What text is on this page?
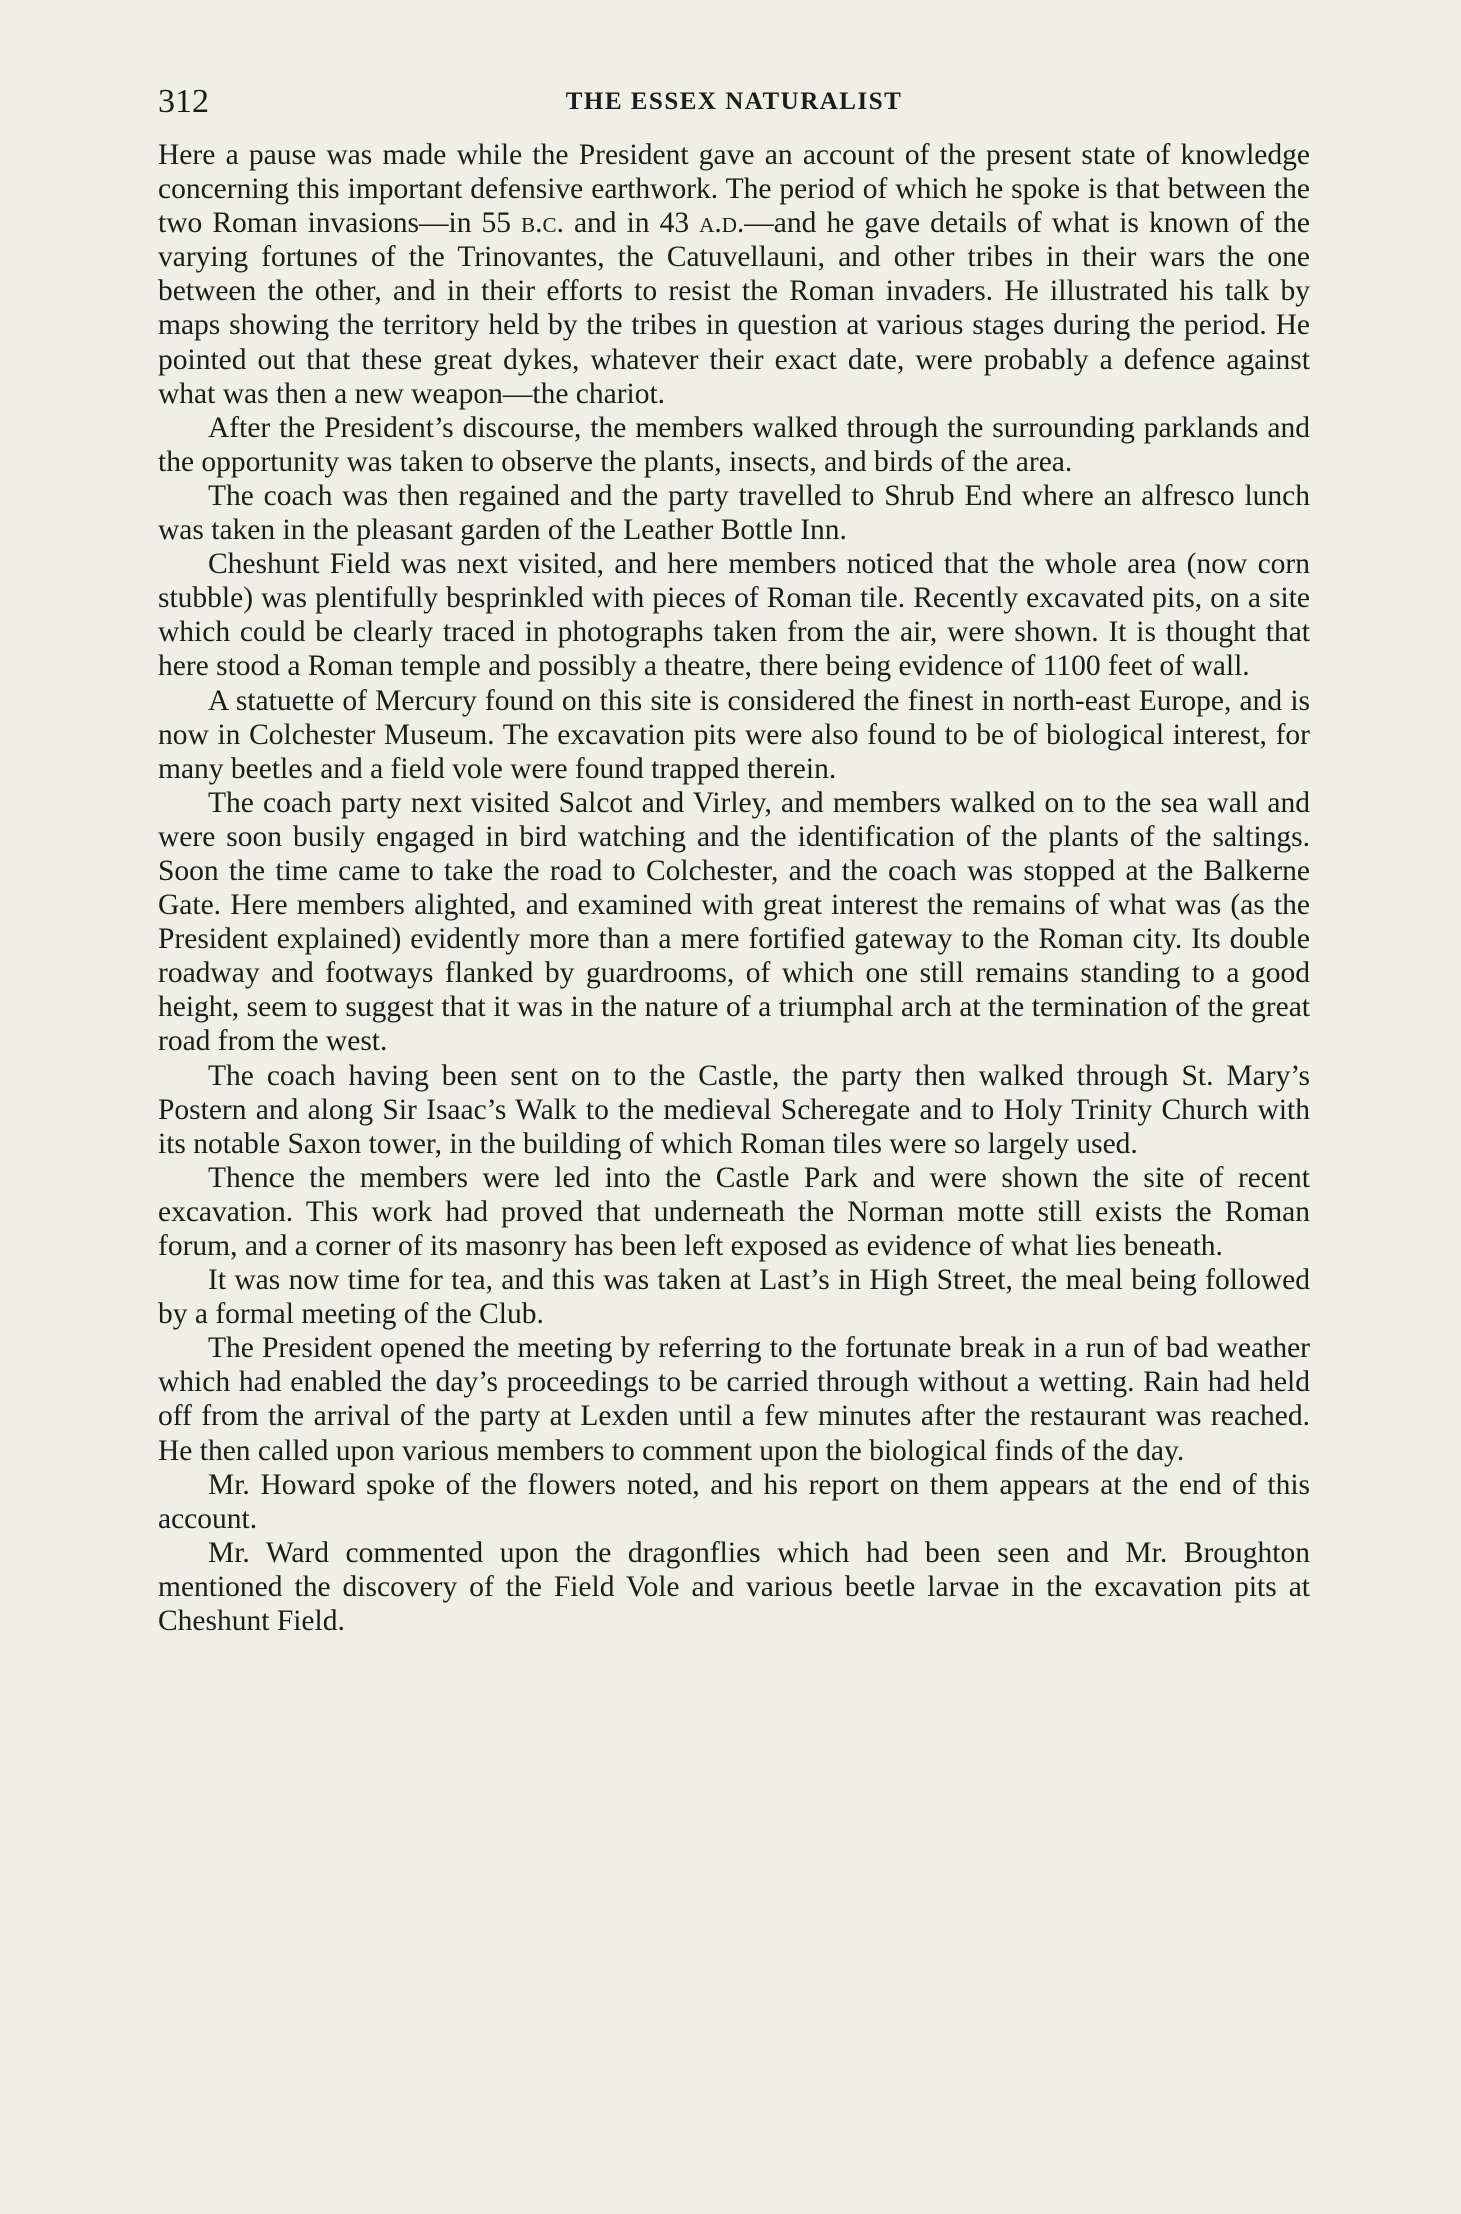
312	THE ESSEX NATURALIST

Here a pause was made while the President gave an account of the present state of knowledge concerning this important defensive earthwork. The period of which he spoke is that between the two Roman invasions—in 55 b.c. and in 43 a.d.—and he gave details of what is known of the varying fortunes of the Trinovantes, the Catuvellauni, and other tribes in their wars the one between the other, and in their efforts to resist the Roman invaders. He illustrated his talk by maps showing the territory held by the tribes in question at various stages during the period. He pointed out that these great dykes, whatever their exact date, were probably a defence against what was then a new weapon—the chariot.

After the President’s discourse, the members walked through the surrounding parklands and the opportunity was taken to observe the plants, insects, and birds of the area.

The coach was then regained and the party travelled to Shrub End where an alfresco lunch was taken in the pleasant garden of the Leather Bottle Inn.

Cheshunt Field was next visited, and here members noticed that the whole area (now corn stubble) was plentifully besprinkled with pieces of Roman tile. Recently excavated pits, on a site which could be clearly traced in photographs taken from the air, were shown. It is thought that here stood a Roman temple and possibly a theatre, there being evidence of 1100 feet of wall.

A statuette of Mercury found on this site is considered the finest in north-east Europe, and is now in Colchester Museum. The excavation pits were also found to be of biological interest, for many beetles and a field vole were found trapped therein.

The coach party next visited Salcot and Virley, and members walked on to the sea wall and were soon busily engaged in bird watching and the identification of the plants of the saltings. Soon the time came to take the road to Colchester, and the coach was stopped at the Balkerne Gate. Here members alighted, and examined with great interest the remains of what was (as the President explained) evidently more than a mere fortified gateway to the Roman city. Its double roadway and footways flanked by guardrooms, of which one still remains standing to a good height, seem to suggest that it was in the nature of a triumphal arch at the termination of the great road from the west.

The coach having been sent on to the Castle, the party then walked through St. Mary’s Postern and along Sir Isaac’s Walk to the medieval Scheregate and to Holy Trinity Church with its notable Saxon tower, in the building of which Roman tiles were so largely used.

Thence the members were led into the Castle Park and were shown the site of recent excavation. This work had proved that underneath the Norman motte still exists the Roman forum, and a corner of its masonry has been left exposed as evidence of what lies beneath.

It was now time for tea, and this was taken at Last’s in High Street, the meal being followed by a formal meeting of the Club.

The President opened the meeting by referring to the fortunate break in a run of bad weather which had enabled the day’s proceedings to be carried through without a wetting. Rain had held off from the arrival of the party at Lexden until a few minutes after the restaurant was reached. He then called upon various members to comment upon the biological finds of the day.

Mr. Howard spoke of the flowers noted, and his report on them appears at the end of this account.

Mr. Ward commented upon the dragonflies which had been seen and Mr. Broughton mentioned the discovery of the Field Vole and various beetle larvae in the excavation pits at Cheshunt Field.
